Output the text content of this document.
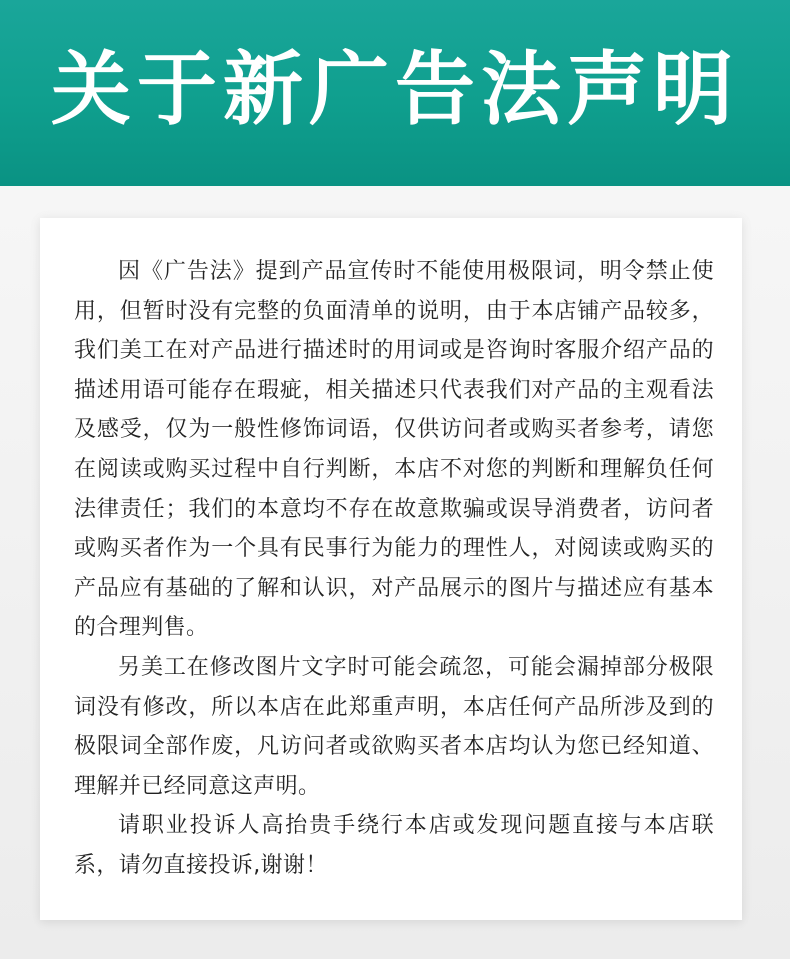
关于新广告法声明

因《广告法》提到产品宣传时不能使用极限词，明令禁止使用，但暂时没有完整的负面清单的说明，由于本店铺产品较多，我们美工在对产品进行描述时的用词或是咨询时客服介绍产品的描述用语可能存在瑕疵，相关描述只代表我们对产品的主观看法及感受，仅为一般性修饰词语，仅供访问者或购买者参考，请您在阅读或购买过程中自行判断，本店不对您的判断和理解负任何法律责任；我们的本意均不存在故意欺骗或误导消费者，访问者或购买者作为一个具有民事行为能力的理性人，对阅读或购买的产品应有基础的了解和认识，对产品展示的图片与描述应有基本的合理判售。

另美工在修改图片文字时可能会疏忽，可能会漏掉部分极限词没有修改，所以本店在此郑重声明，本店任何产品所涉及到的极限词全部作废，凡访问者或欲购买者本店均认为您已经知道、理解并已经同意这声明。

请职业投诉人高抬贵手绕行本店或发现问题直接与本店联系，请勿直接投诉,谢谢！
